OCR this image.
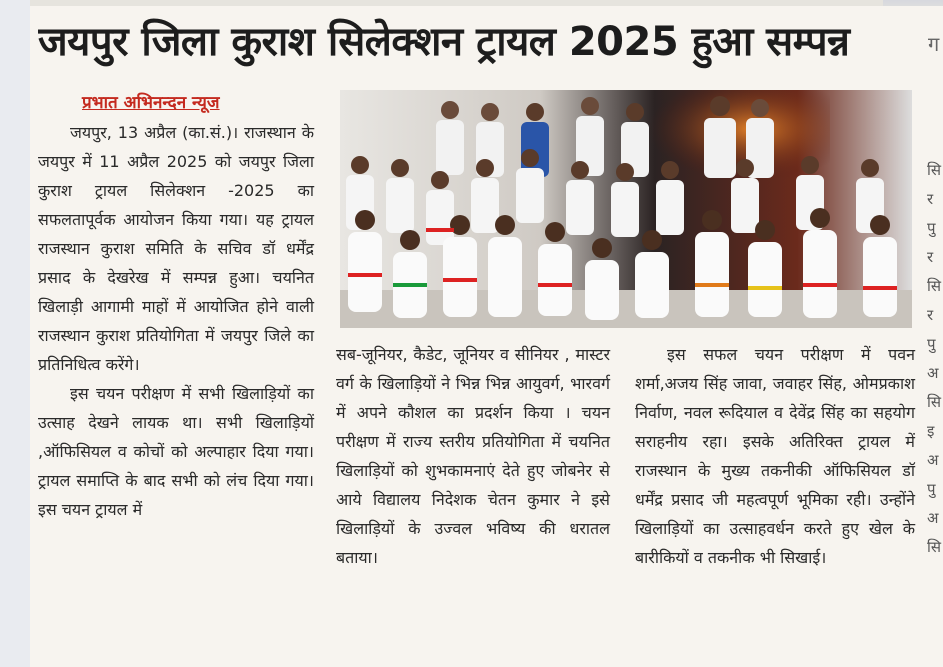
जयपुर जिला कुराश सिलेक्शन ट्रायल 2025 हुआ सम्पन्न
प्रभात अभिनन्दन न्यूज

जयपुर, 13 अप्रैल (का.सं.)। राजस्थान के जयपुर में 11 अप्रैल 2025 को जयपुर जिला कुराश ट्रायल सिलेक्शन -2025 का सफलतापूर्वक आयोजन किया गया। यह ट्रायल राजस्थान कुराश समिति के सचिव डॉ धर्मेंद्र प्रसाद के देखरेख में सम्पन्न हुआ। चयनित खिलाड़ी आगामी माहों में आयोजित होने वाली राजस्थान कुराश प्रतियोगिता में जयपुर जिले का प्रतिनिधित्व करेंगे।

इस चयन परीक्षण में सभी खिलाड़ियों का उत्साह देखने लायक था। सभी खिलाड़ियों ,ऑफिसियल व कोचों को अल्पाहार दिया गया। ट्रायल समाप्ति के बाद सभी को लंच दिया गया। इस चयन ट्रायल में

सब-जूनियर, कैडेट, जूनियर व सीनियर , मास्टर वर्ग के खिलाड़ियों ने भिन्न भिन्न आयुवर्ग, भारवर्ग में अपने कौशल का प्रदर्शन किया । चयन परीक्षण में राज्य स्तरीय प्रतियोगिता में चयनित खिलाड़ियों को शुभकामनाएं देते हुए जोबनेर से आये विद्यालय निदेशक चेतन कुमार ने इसे खिलाड़ियों के उज्वल भविष्य की धरातल बताया।
इस सफल चयन परीक्षण में पवन शर्मा,अजय सिंह जावा, जवाहर सिंह, ओमप्रकाश निर्वाण, नवल रूदियाल व देवेंद्र सिंह का सहयोग सराहनीय रहा। इसके अतिरिक्त ट्रायल में राजस्थान के मुख्य तकनीकी ऑफिसियल डॉ धर्मेंद्र प्रसाद जी महत्वपूर्ण भूमिका रही। उन्होंने खिलाड़ियों का उत्साहवर्धन करते हुए खेल के बारीकियों व तकनीक भी सिखाई।
ग
सि
र
पु
र
सि
र
पु
अ
सि
इ
अ
पु
अ
सि
